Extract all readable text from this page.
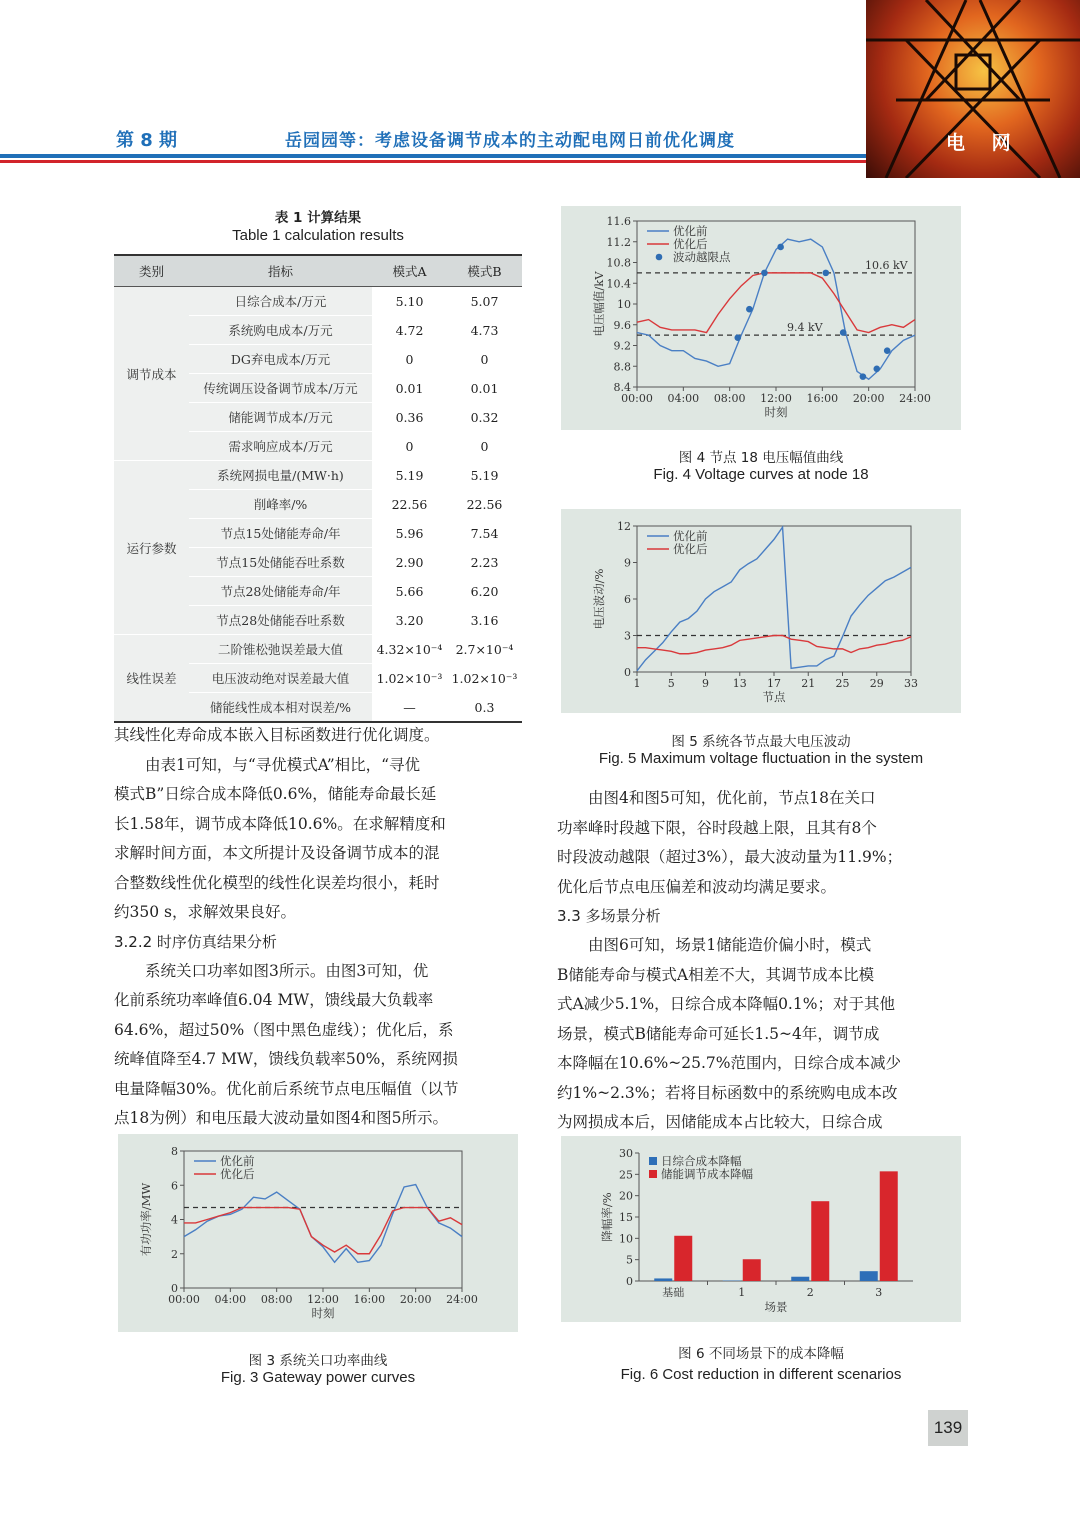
第 8 期	岳园园等：考虑设备调节成本的主动配电网日前优化调度	电 网
表 1 计算结果
Table 1 calculation results
类别	指标	模式A	模式B
调节成本	日综合成本/万元	5.10	5.07
	系统购电成本/万元	4.72	4.73
	DG弃电成本/万元	0	0
	传统调压设备调节成本/万元	0.01	0.01
	储能调节成本/万元	0.36	0.32
	需求响应成本/万元	0	0
运行参数	系统网损电量/(MW·h)	5.19	5.19
	削峰率/%	22.56	22.56
	节点15处储能寿命/年	5.96	7.54
	节点15处储能吞吐系数	2.90	2.23
	节点28处储能寿命/年	5.66	6.20
	节点28处储能吞吐系数	3.20	3.16
线性误差	二阶锥松弛误差最大值	4.32×10⁻⁴	2.7×10⁻⁴
	电压波动绝对误差最大值	1.02×10⁻³	1.02×10⁻³
	储能线性成本相对误差/%	—	0.3
其线性化寿命成本嵌入目标函数进行优化调度。
由表1可知，与“寻优模式A”相比，“寻优
模式B”日综合成本降低0.6%，储能寿命最长延
长1.58年，调节成本降低10.6%。在求解精度和
求解时间方面，本文所提计及设备调节成本的混
合整数线性优化模型的线性化误差均很小，耗时
约350 s，求解效果良好。
3.2.2 时序仿真结果分析
系统关口功率如图3所示。由图3可知，优
化前系统功率峰值6.04 MW，馈线最大负载率
64.6%，超过50%（图中黑色虚线）；优化后，系
统峰值降至4.7 MW，馈线负载率50%，系统网损
电量降幅30%。优化前后系统节点电压幅值（以节
点18为例）和电压最大波动量如图4和图5所示。
0
2
4
6
8
00:00 04:00 08:00 12:00 16:00 20:00 24:00
时刻
有功功率/MW
优化前
优化后
图 3 系统关口功率曲线
Fig. 3 Gateway power curves
8.4
8.8
9.2
9.6
10
10.4
10.8
11.2
11.6
00:00 04:00 08:00 12:00 16:00 20:00 24:00
时刻
电压幅值/kV
10.6 kV
9.4 kV
优化前
优化后
波动越限点
图 4 节点 18 电压幅值曲线
Fig. 4 Voltage curves at node 18
0
3
6
9
12
1 5 9 13 17 21 25 29 33
节点
电压波动/%
优化前
优化后
图 5 系统各节点最大电压波动
Fig. 5 Maximum voltage fluctuation in the system
由图4和图5可知，优化前，节点18在关口
功率峰时段越下限，谷时段越上限，且其有8个
时段波动越限（超过3%），最大波动量为11.9%；
优化后节点电压偏差和波动均满足要求。
3.3 多场景分析
由图6可知，场景1储能造价偏小时，模式
B储能寿命与模式A相差不大，其调节成本比模
式A减少5.1%，日综合成本降幅0.1%；对于其他
场景，模式B储能寿命可延长1.5~4年，调节成
本降幅在10.6%~25.7%范围内，日综合成本减少
约1%~2.3%；若将目标函数中的系统购电成本改
为网损成本后，因储能成本占比较大，日综合成
0
5
10
15
20
25
30
基础	1	2	3
场景
降幅率/%
日综合成本降幅
储能调节成本降幅
图 6 不同场景下的成本降幅
Fig. 6 Cost reduction in different scenarios
139
